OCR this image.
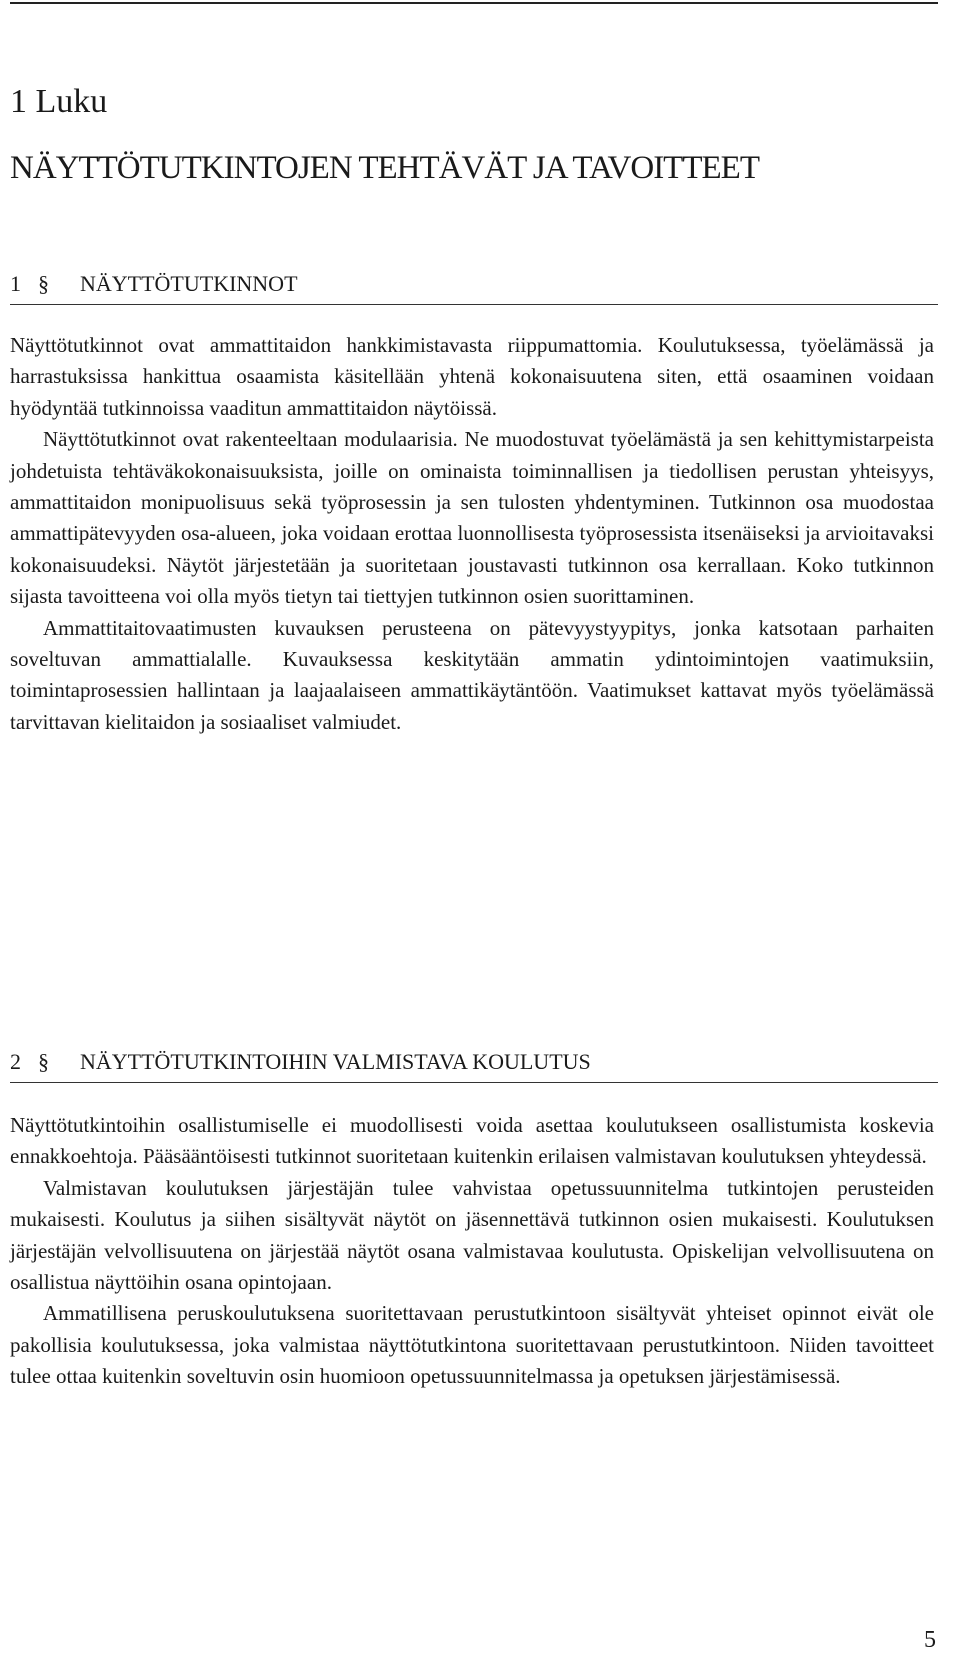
1 Luku
NÄYTTÖTUTKINTOJEN TEHTÄVÄT JA TAVOITTEET
1 § NÄYTTÖTUTKINNOT

Näyttötutkinnot ovat ammattitaidon hankkimistavasta riippumattomia. Koulutuksessa, työelämässä ja harrastuksissa hankittua osaamista käsitellään yhtenä kokonaisuutena siten, että osaaminen voidaan hyödyntää tutkinnoissa vaaditun ammattitaidon näytöissä.

Näyttötutkinnot ovat rakenteeltaan modulaarisia. Ne muodostuvat työelämästä ja sen kehittymistarpeista johdetuista tehtäväkokonaisuuksista, joille on ominaista toiminnallisen ja tiedollisen perustan yhteisyys, ammattitaidon monipuolisuus sekä työprosessin ja sen tulosten yhdentyminen. Tutkinnon osa muodostaa ammattipätevyyden osa-alueen, joka voidaan erottaa luonnollisesta työprosessista itsenäiseksi ja arvioitavaksi kokonaisuudeksi. Näytöt järjestetään ja suoritetaan joustavasti tutkinnon osa kerrallaan. Koko tutkinnon sijasta tavoitteena voi olla myös tietyn tai tiettyjen tutkinnon osien suorittaminen.

Ammattitaitovaatimusten kuvauksen perusteena on pätevyystyypitys, jonka katsotaan parhaiten soveltuvan ammattialalle. Kuvauksessa keskitytään ammatin ydintoimintojen vaatimuksiin, toimintaprosessien hallintaan ja laajaalaiseen ammattikäytäntöön. Vaatimukset kattavat myös työelämässä tarvittavan kielitaidon ja sosiaaliset valmiudet.

2 § NÄYTTÖTUTKINTOIHIN VALMISTAVA KOULUTUS

Näyttötutkintoihin osallistumiselle ei muodollisesti voida asettaa koulutukseen osallistumista koskevia ennakkoehtoja. Pääsääntöisesti tutkinnot suoritetaan kuitenkin erilaisen valmistavan koulutuksen yhteydessä.

Valmistavan koulutuksen järjestäjän tulee vahvistaa opetussuunnitelma tutkintojen perusteiden mukaisesti. Koulutus ja siihen sisältyvät näytöt on jäsennettävä tutkinnon osien mukaisesti. Koulutuksen järjestäjän velvollisuutena on järjestää näytöt osana valmistavaa koulutusta. Opiskelijan velvollisuutena on osallistua näyttöihin osana opintojaan.

Ammatillisena peruskoulutuksena suoritettavaan perustutkintoon sisältyvät yhteiset opinnot eivät ole pakollisia koulutuksessa, joka valmistaa näyttötutkintona suoritettavaan perustutkintoon. Niiden tavoitteet tulee ottaa kuitenkin soveltuvin osin huomioon opetussuunnitelmassa ja opetuksen järjestämisessä.

5
